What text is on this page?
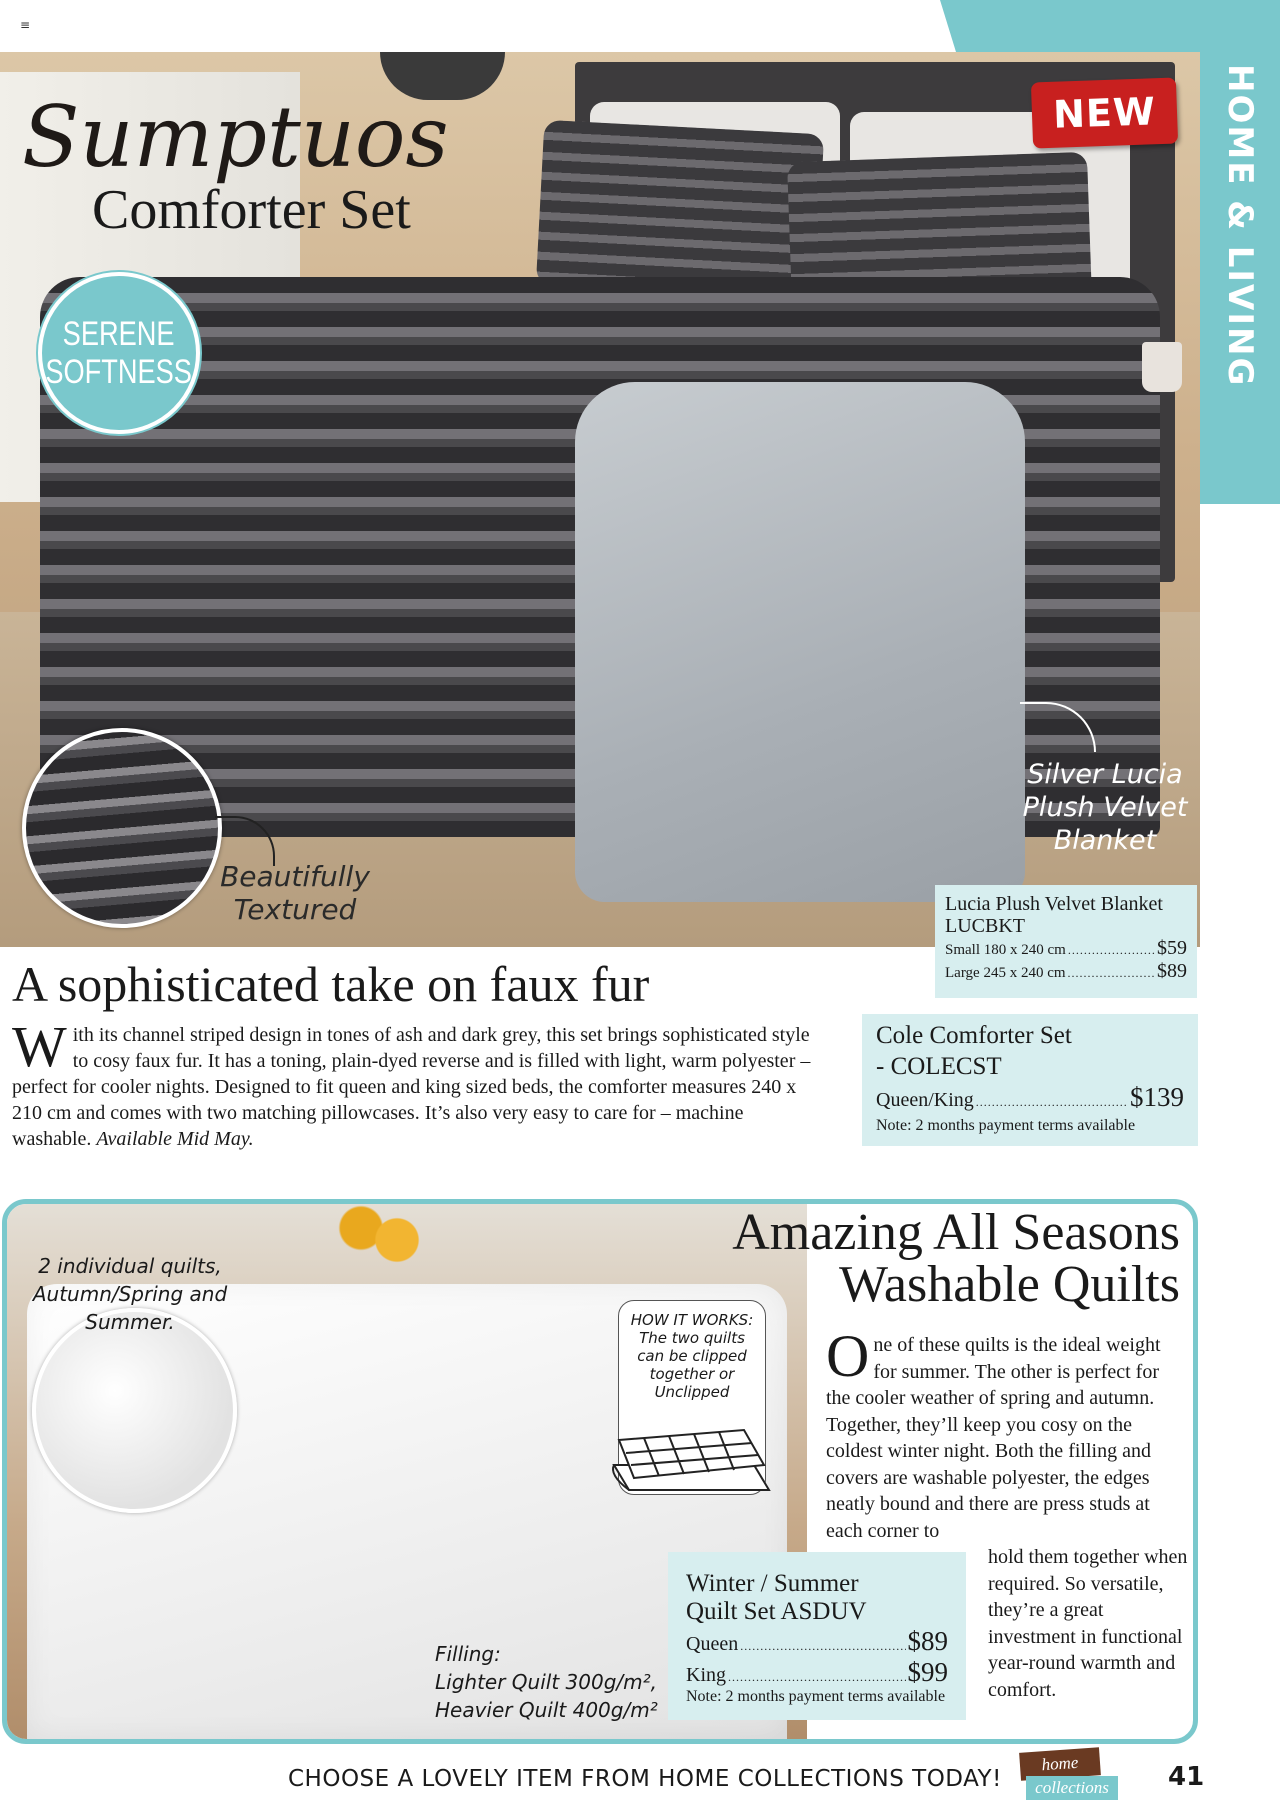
≡
HOME & LIVING
Sumptuos
Comforter Set
SERENE
SOFTNESS
NEW
Beautifully
Textured
Silver Lucia
Plush Velvet
Blanket
Lucia Plush Velvet Blanket
LUCBKT
Small 180 x 240 cm .....	$59
Large 245 x 240 cm .....	$89
A sophisticated take on faux fur
With its channel striped design in tones of ash and dark grey, this set brings sophisticated style to cosy faux fur. It has a toning, plain-dyed reverse and is filled with light, warm polyester – perfect for cooler nights. Designed to fit queen and king sized beds, the comforter measures 240 x 210 cm and comes with two matching pillowcases. It’s also very easy to care for – machine washable. Available Mid May.
Cole Comforter Set
- COLECST
Queen/King .....	$139
Note: 2 months payment terms available
2 individual quilts, Autumn/Spring and Summer.	HOW IT WORKS:
The two quilts can be clipped together or Unclipped
Amazing All Seasons
Washable Quilts
One of these quilts is the ideal weight for summer. The other is perfect for the cooler weather of spring and autumn. Together, they’ll keep you cosy on the coldest winter night. Both the filling and covers are washable polyester, the edges neatly bound and there are press studs at each corner to
hold them together when required. So versatile, they’re a great investment in functional year-round warmth and comfort.
Winter / Summer
Quilt Set ASDUV
Queen .....	$89
King .....	$99
Note: 2 months payment terms available
Filling:
Lighter Quilt 300g/m²,
Heavier Quilt 400g/m²
CHOOSE A LOVELY ITEM FROM HOME COLLECTIONS TODAY!
home
collections	41
